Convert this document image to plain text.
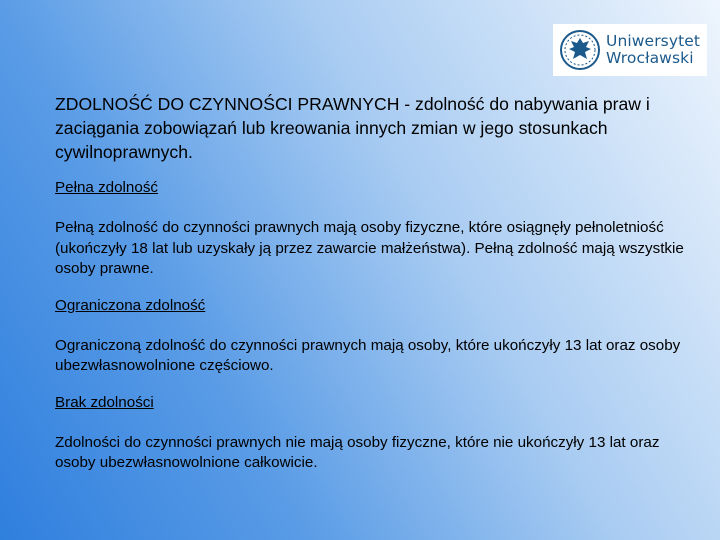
Uniwersytet
Wrocławski

ZDOLNOŚĆ DO CZYNNOŚCI PRAWNYCH - zdolność do nabywania praw i zaciągania zobowiązań lub kreowania innych zmian w jego stosunkach cywilnoprawnych.

Pełna zdolność

Pełną zdolność do czynności prawnych mają osoby fizyczne, które osiągnęły pełnoletniość (ukończyły 18 lat lub uzyskały ją przez zawarcie małżeństwa). Pełną zdolność mają wszystkie osoby prawne.

Ograniczona zdolność

Ograniczoną zdolność do czynności prawnych mają osoby, które ukończyły 13 lat oraz osoby ubezwłasnowolnione częściowo.

Brak zdolności

Zdolności do czynności prawnych nie mają osoby fizyczne, które nie ukończyły 13 lat oraz osoby ubezwłasnowolnione całkowicie.
